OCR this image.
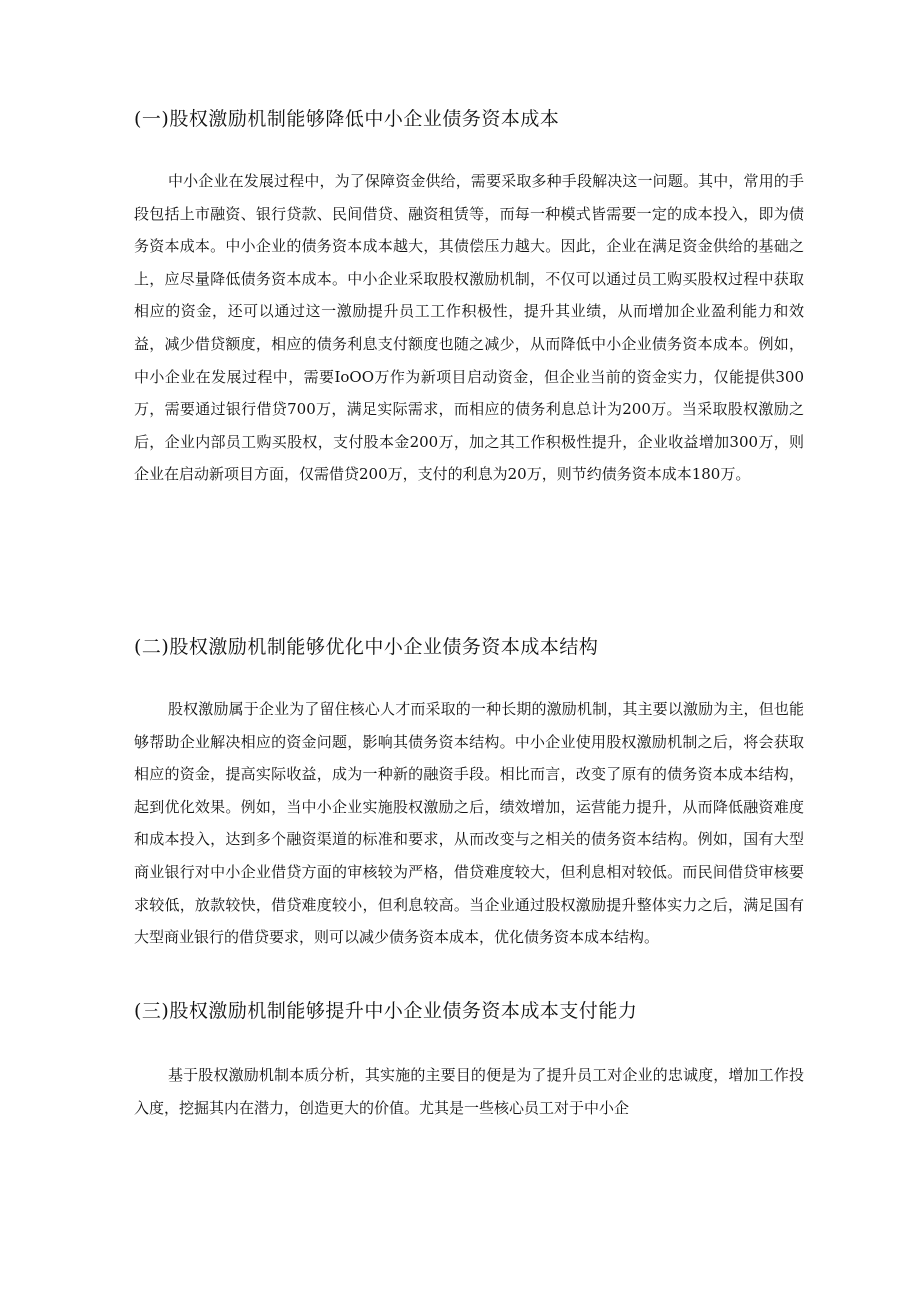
(一)股权激励机制能够降低中小企业债务资本成本

中小企业在发展过程中，为了保障资金供给，需要采取多种手段解决这一问题。其中，常用的手段包括上市融资、银行贷款、民间借贷、融资租赁等，而每一种模式皆需要一定的成本投入，即为债务资本成本。中小企业的债务资本成本越大，其债偿压力越大。因此，企业在满足资金供给的基础之上，应尽量降低债务资本成本。中小企业采取股权激励机制，不仅可以通过员工购买股权过程中获取相应的资金，还可以通过这一激励提升员工工作积极性，提升其业绩，从而增加企业盈利能力和效益，减少借贷额度，相应的债务利息支付额度也随之减少，从而降低中小企业债务资本成本。例如，中小企业在发展过程中，需要IoOO万作为新项目启动资金，但企业当前的资金实力，仅能提供300万，需要通过银行借贷700万，满足实际需求，而相应的债务利息总计为200万。当采取股权激励之后，企业内部员工购买股权，支付股本金200万，加之其工作积极性提升，企业收益增加300万，则企业在启动新项目方面，仅需借贷200万，支付的利息为20万，则节约债务资本成本180万。

(二)股权激励机制能够优化中小企业债务资本成本结构

股权激励属于企业为了留住核心人才而采取的一种长期的激励机制，其主要以激励为主，但也能够帮助企业解决相应的资金问题，影响其债务资本结构。中小企业使用股权激励机制之后，将会获取相应的资金，提高实际收益，成为一种新的融资手段。相比而言，改变了原有的债务资本成本结构，起到优化效果。例如，当中小企业实施股权激励之后，绩效增加，运营能力提升，从而降低融资难度和成本投入，达到多个融资渠道的标准和要求，从而改变与之相关的债务资本结构。例如，国有大型商业银行对中小企业借贷方面的审核较为严格，借贷难度较大，但利息相对较低。而民间借贷审核要求较低，放款较快，借贷难度较小，但利息较高。当企业通过股权激励提升整体实力之后，满足国有大型商业银行的借贷要求，则可以减少债务资本成本，优化债务资本成本结构。

(三)股权激励机制能够提升中小企业债务资本成本支付能力

基于股权激励机制本质分析，其实施的主要目的便是为了提升员工对企业的忠诚度，增加工作投入度，挖掘其内在潜力，创造更大的价值。尤其是一些核心员工对于中小企
